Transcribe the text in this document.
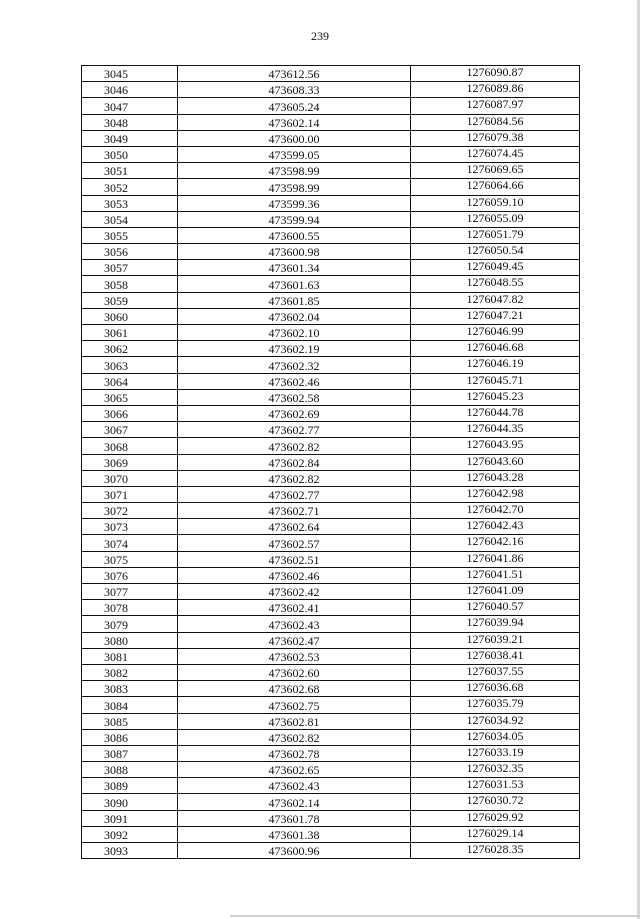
239
3045	473612.56	1276090.87
3046	473608.33	1276089.86
3047	473605.24	1276087.97
3048	473602.14	1276084.56
3049	473600.00	1276079.38
3050	473599.05	1276074.45
3051	473598.99	1276069.65
3052	473598.99	1276064.66
3053	473599.36	1276059.10
3054	473599.94	1276055.09
3055	473600.55	1276051.79
3056	473600.98	1276050.54
3057	473601.34	1276049.45
3058	473601.63	1276048.55
3059	473601.85	1276047.82
3060	473602.04	1276047.21
3061	473602.10	1276046.99
3062	473602.19	1276046.68
3063	473602.32	1276046.19
3064	473602.46	1276045.71
3065	473602.58	1276045.23
3066	473602.69	1276044.78
3067	473602.77	1276044.35
3068	473602.82	1276043.95
3069	473602.84	1276043.60
3070	473602.82	1276043.28
3071	473602.77	1276042.98
3072	473602.71	1276042.70
3073	473602.64	1276042.43
3074	473602.57	1276042.16
3075	473602.51	1276041.86
3076	473602.46	1276041.51
3077	473602.42	1276041.09
3078	473602.41	1276040.57
3079	473602.43	1276039.94
3080	473602.47	1276039.21
3081	473602.53	1276038.41
3082	473602.60	1276037.55
3083	473602.68	1276036.68
3084	473602.75	1276035.79
3085	473602.81	1276034.92
3086	473602.82	1276034.05
3087	473602.78	1276033.19
3088	473602.65	1276032.35
3089	473602.43	1276031.53
3090	473602.14	1276030.72
3091	473601.78	1276029.92
3092	473601.38	1276029.14
3093	473600.96	1276028.35
